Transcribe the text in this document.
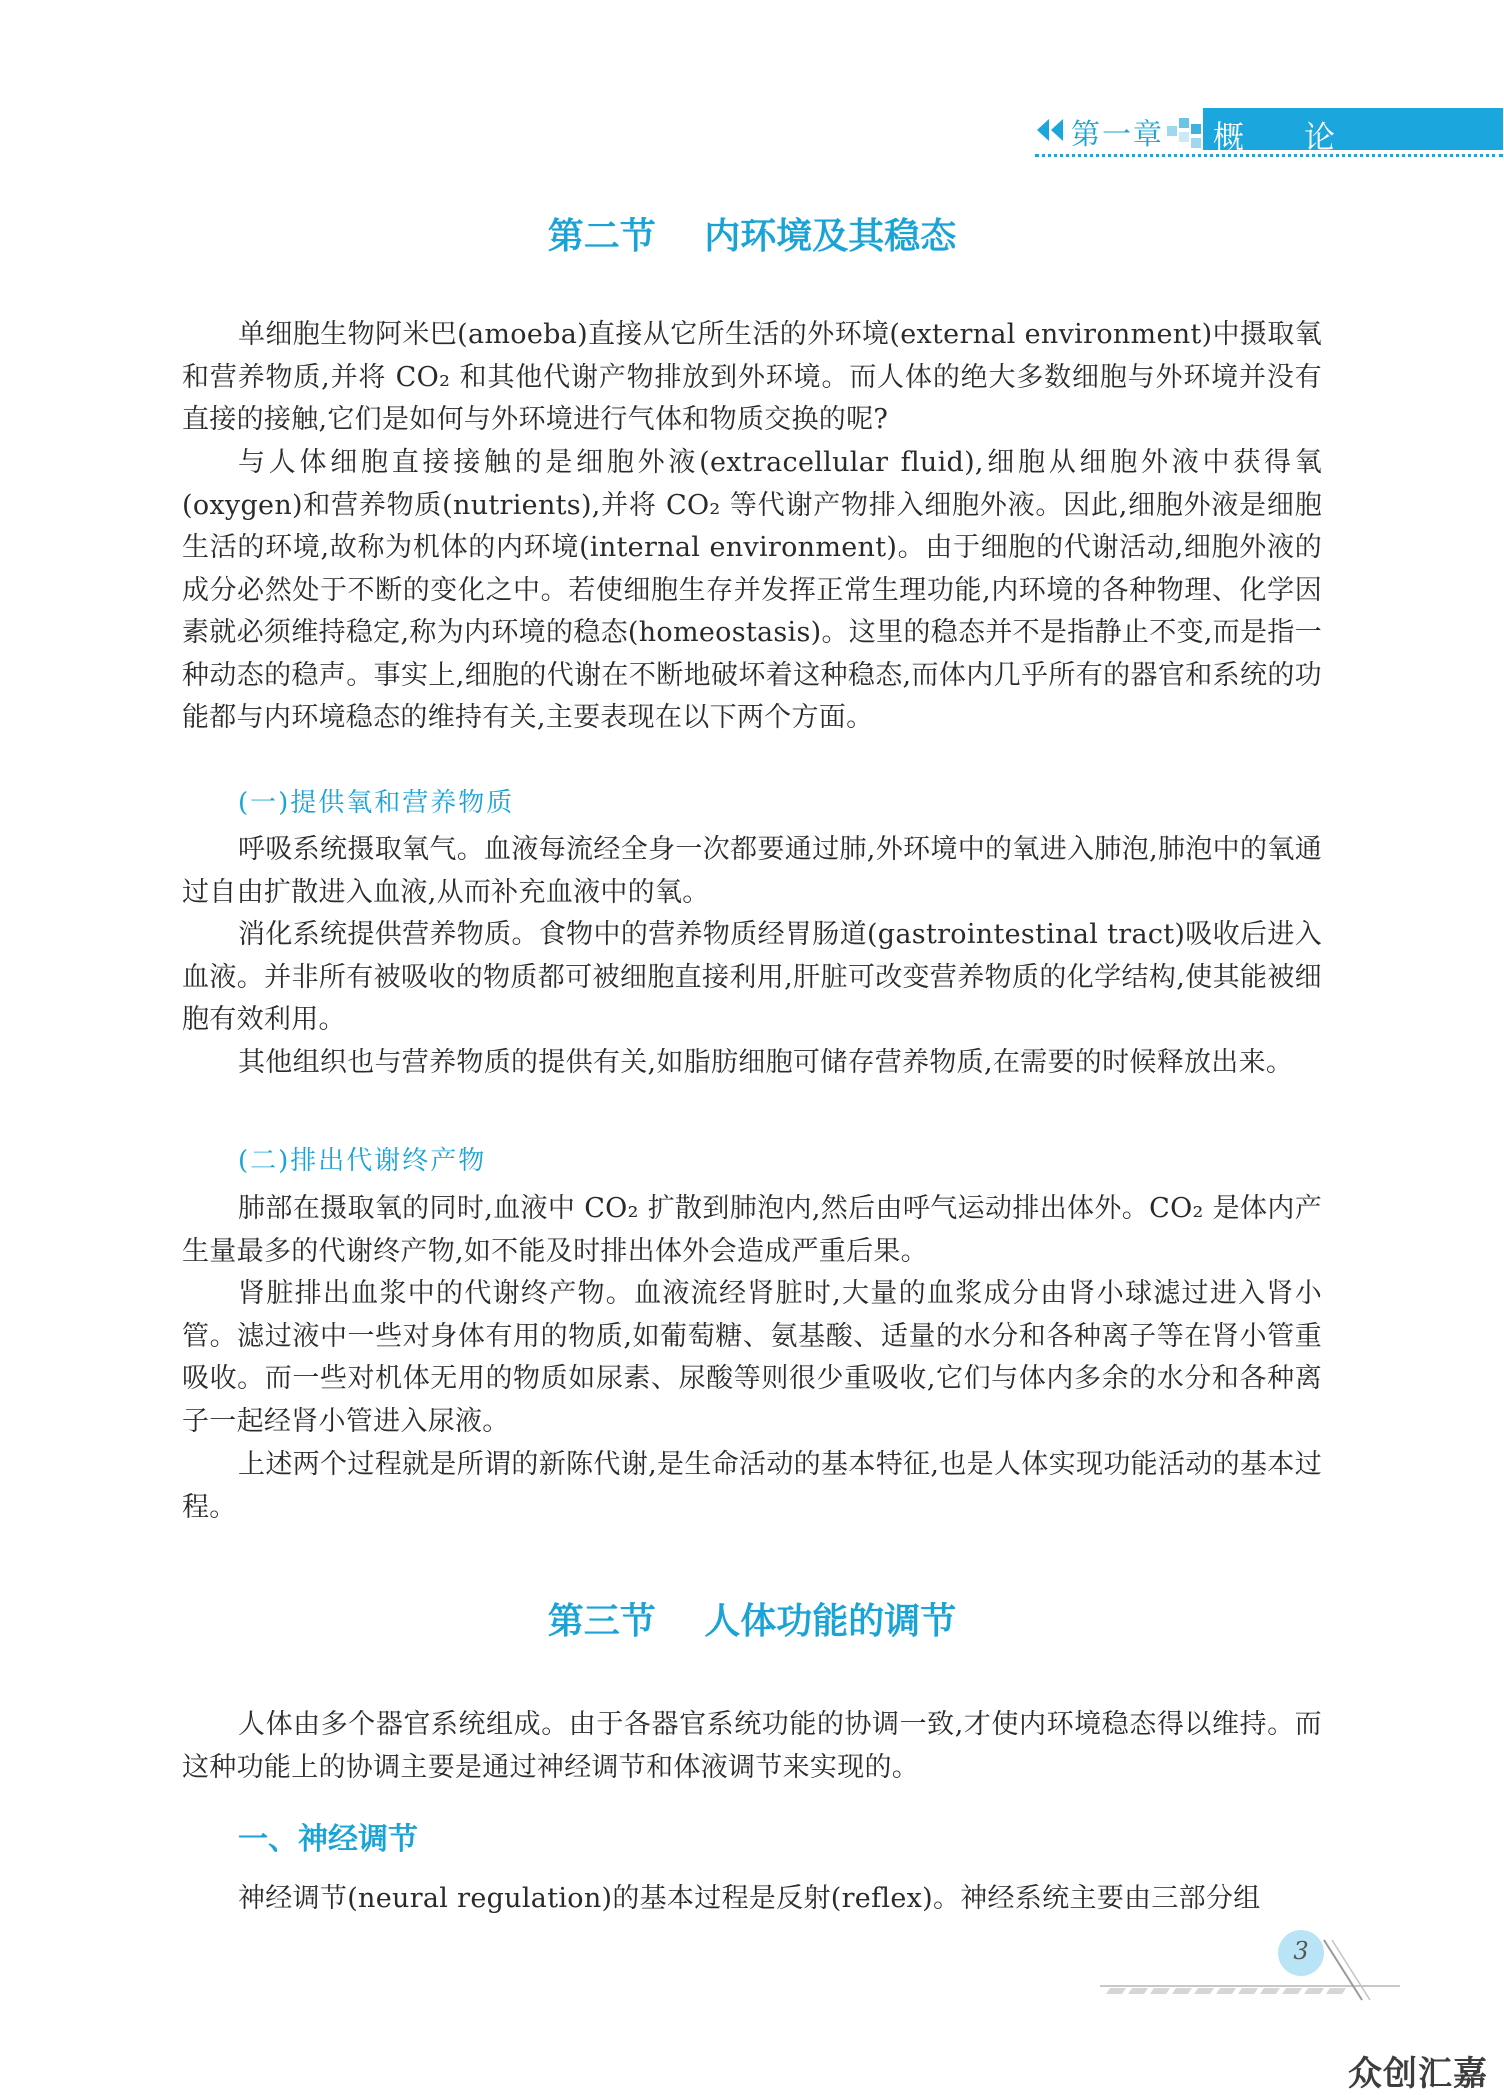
第一章 概论
第二节 内环境及其稳态

单细胞生物阿米巴(amoeba)直接从它所生活的外环境(external environment)中摄取氧和营养物质,并将 CO₂ 和其他代谢产物排放到外环境。而人体的绝大多数细胞与外环境并没有直接的接触,它们是如何与外环境进行气体和物质交换的呢?

与人体细胞直接接触的是细胞外液(extracellular fluid),细胞从细胞外液中获得氧(oxygen)和营养物质(nutrients),并将 CO₂ 等代谢产物排入细胞外液。因此,细胞外液是细胞生活的环境,故称为机体的内环境(internal environment)。由于细胞的代谢活动,细胞外液的成分必然处于不断的变化之中。若使细胞生存并发挥正常生理功能,内环境的各种物理、化学因素就必须维持稳定,称为内环境的稳态(homeostasis)。这里的稳态并不是指静止不变,而是指一种动态的稳声。事实上,细胞的代谢在不断地破坏着这种稳态,而体内几乎所有的器官和系统的功能都与内环境稳态的维持有关,主要表现在以下两个方面。

(一)提供氧和营养物质

呼吸系统摄取氧气。血液每流经全身一次都要通过肺,外环境中的氧进入肺泡,肺泡中的氧通过自由扩散进入血液,从而补充血液中的氧。

消化系统提供营养物质。食物中的营养物质经胃肠道(gastrointestinal tract)吸收后进入血液。并非所有被吸收的物质都可被细胞直接利用,肝脏可改变营养物质的化学结构,使其能被细胞有效利用。

其他组织也与营养物质的提供有关,如脂肪细胞可储存营养物质,在需要的时候释放出来。

(二)排出代谢终产物

肺部在摄取氧的同时,血液中 CO₂ 扩散到肺泡内,然后由呼气运动排出体外。CO₂ 是体内产生量最多的代谢终产物,如不能及时排出体外会造成严重后果。

肾脏排出血浆中的代谢终产物。血液流经肾脏时,大量的血浆成分由肾小球滤过进入肾小管。滤过液中一些对身体有用的物质,如葡萄糖、氨基酸、适量的水分和各种离子等在肾小管重吸收。而一些对机体无用的物质如尿素、尿酸等则很少重吸收,它们与体内多余的水分和各种离子一起经肾小管进入尿液。

上述两个过程就是所谓的新陈代谢,是生命活动的基本特征,也是人体实现功能活动的基本过程。

第三节 人体功能的调节

人体由多个器官系统组成。由于各器官系统功能的协调一致,才使内环境稳态得以维持。而这种功能上的协调主要是通过神经调节和体液调节来实现的。

一、神经调节

神经调节(neural regulation)的基本过程是反射(reflex)。神经系统主要由三部分组

3
众创汇嘉
